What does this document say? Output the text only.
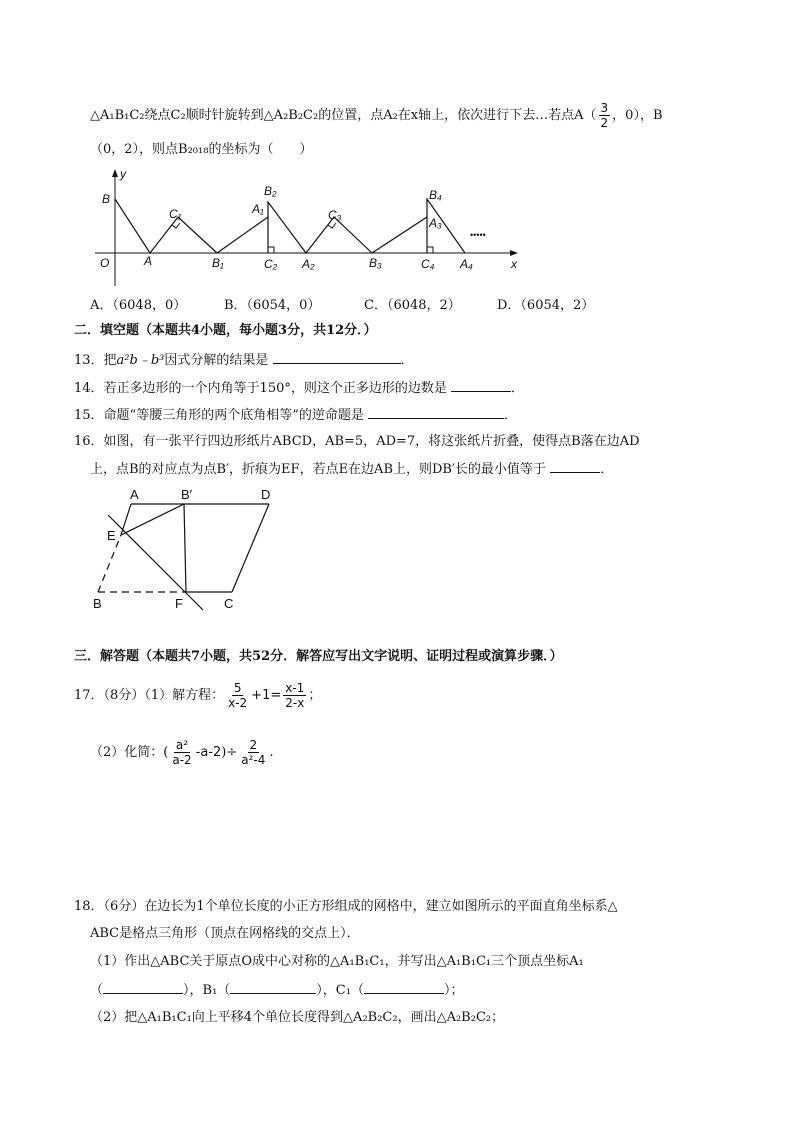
△A₁B₁C₂绕点C₂顺时针旋转到△A₂B₂C₂的位置，点A₂在x轴上，依次进行下去…若点$A( \frac{3}{2}$ ，0），B
（0，2），则点B₂₀₁₈的坐标为（　　）
y
x
O
B
A
C₁
B₁
B₂
A₁
C₂ A₂
C₃
B₃
B₄
A₃
C₄ A₄
•••••
A．（6048，0）	B．（6054，0）	C．（6048，2）	D．（6054，2）
二．填空题（本题共4小题，每小题3分，共12分．）
13．把a²b﹣b³因式分解的结果是	．
14．若正多边形的一个内角等于150°，则这个正多边形的边数是	．
15．命题“等腰三角形的两个底角相等”的逆命题是	．
16．如图，有一张平行四边形纸片ABCD，AB=5，AD=7，将这张纸片折叠，使得点B落在边AD
上，点B的对应点为点B′，折痕为EF，若点E在边AB上，则DB′长的最小值等于	．
A	B′	D
E
B	F	C
三．解答题（本题共7小题，共52分．解答应写出文字说明、证明过程或演算步骤．）
17．（8分）（1）解方程： $\frac{5}{x-2} +1= \frac{x-1}{2-x}$ ；
（2）化简：( $\frac{\text{a²}}{a-2} -a-2)\div \frac{2}{\text{a²-4}}$ .
18．（6分）在边长为1个单位长度的小正方形组成的网格中，建立如图所示的平面直角坐标系△
ABC是格点三角形（顶点在网格线的交点上）．
（1）作出△ABC关于原点O成中心对称的△A₁B₁C₁，并写出△A₁B₁C₁三个顶点坐标A₁
（	），B₁（	），C₁（	）；
（2）把△A₁B₁C₁向上平移4个单位长度得到△A₂B₂C₂，画出△A₂B₂C₂；
